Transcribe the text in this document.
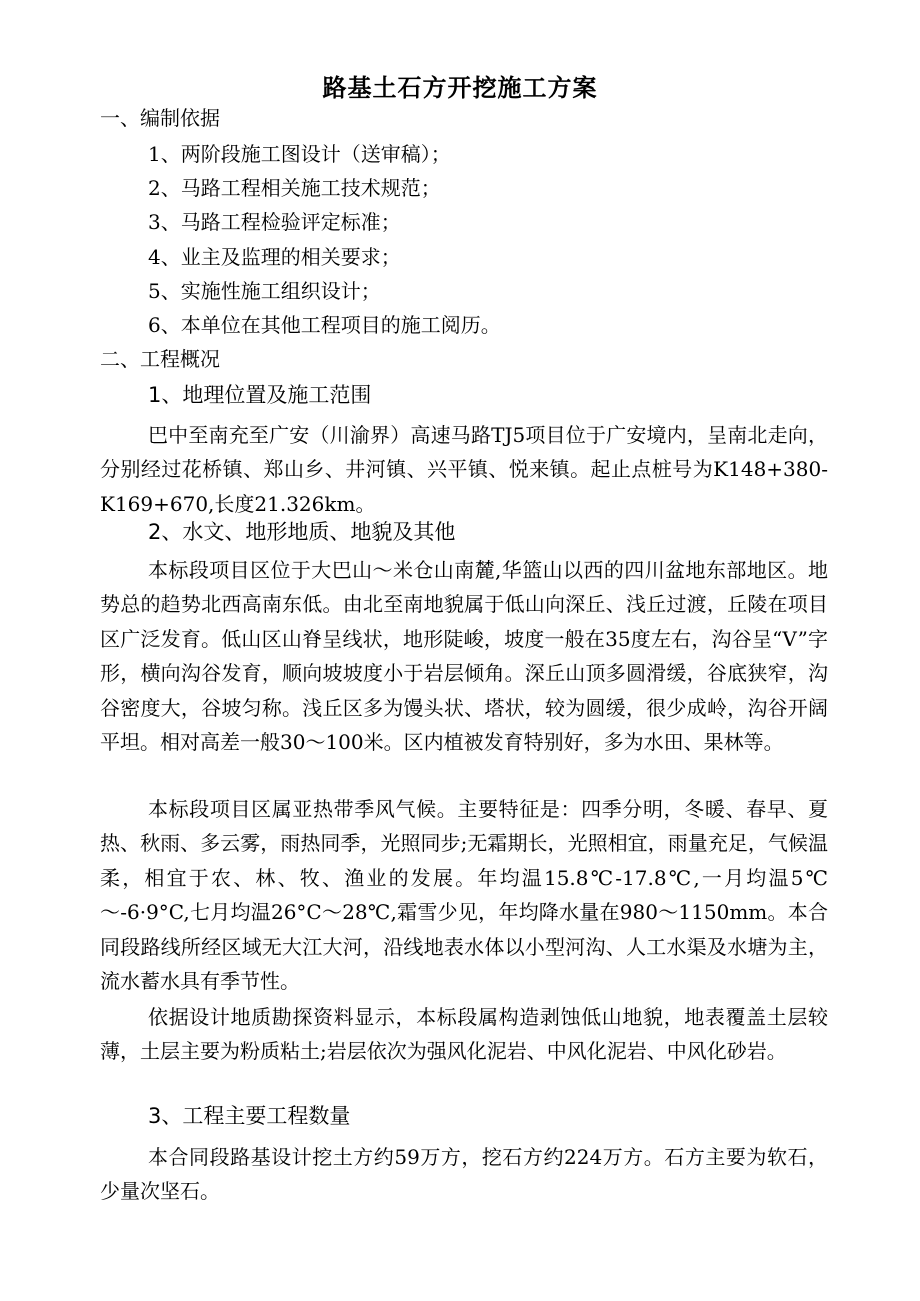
路基土石方开挖施工方案
一、编制依据
1、两阶段施工图设计（送审稿）；
2、马路工程相关施工技术规范；
3、马路工程检验评定标准；
4、业主及监理的相关要求；
5、实施性施工组织设计；
6、本单位在其他工程项目的施工阅历。
二、工程概况
1、地理位置及施工范围

巴中至南充至广安（川渝界）高速马路TJ5项目位于广安境内，呈南北走向，分别经过花桥镇、郑山乡、井河镇、兴平镇、悦来镇。起止点桩号为K148+380-K169+670,长度21.326km。

2、水文、地形地质、地貌及其他

本标段项目区位于大巴山～米仓山南麓,华篮山以西的四川盆地东部地区。地势总的趋势北西高南东低。由北至南地貌属于低山向深丘、浅丘过渡，丘陵在项目区广泛发育。低山区山脊呈线状，地形陡峻，坡度一般在35度左右，沟谷呈“V”字形，横向沟谷发育，顺向坡坡度小于岩层倾角。深丘山顶多圆滑缓，谷底狭窄，沟谷密度大，谷坡匀称。浅丘区多为馒头状、塔状，较为圆缓，很少成岭，沟谷开阔平坦。相对高差一般30～100米。区内植被发育特别好，多为水田、果林等。

本标段项目区属亚热带季风气候。主要特征是：四季分明，冬暖、春早、夏热、秋雨、多云雾，雨热同季，光照同步;无霜期长，光照相宜，雨量充足，气候温柔，相宜于农、林、牧、渔业的发展。年均温15.8℃-17.8℃,一月均温5℃～-6·9°C,七月均温26°C～28℃,霜雪少见，年均降水量在980～1150mm。本合同段路线所经区域无大江大河，沿线地表水体以小型河沟、人工水渠及水塘为主，流水蓄水具有季节性。

依据设计地质勘探资料显示，本标段属构造剥蚀低山地貌，地表覆盖土层较薄，土层主要为粉质粘土;岩层依次为强风化泥岩、中风化泥岩、中风化砂岩。

3、工程主要工程数量

本合同段路基设计挖土方约59万方，挖石方约224万方。石方主要为软石，少量次坚石。
